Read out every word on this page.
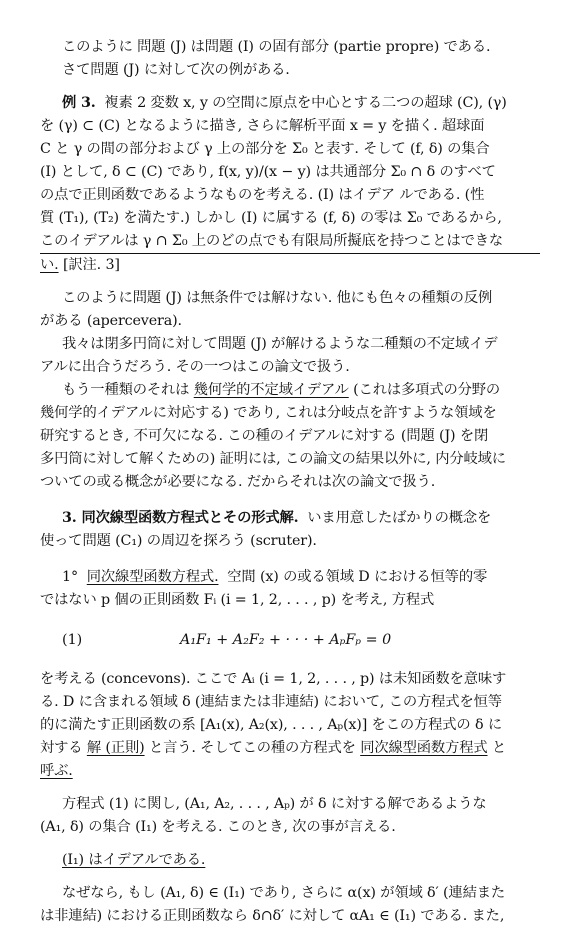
このように 問題 (J) は問題 (I) の固有部分 (partie propre) である.
さて問題 (J) に対して次の例がある.
例 3. 複素 2 変数 x, y の空間に原点を中心とする二つの超球 (C), (γ)
を (γ) ⊂ (C) となるように描き, さらに解析平面 x = y を描く. 超球面
C と γ の間の部分および γ 上の部分を Σ₀ と表す. そして (f, δ) の集合
(I) として, δ ⊂ (C) であり, f(x, y)/(x − y) は共通部分 Σ₀ ∩ δ のすべて
の点で正則函数であるようなものを考える. (I) はイデア ルである. (性
質 (T₁), (T₂) を満たす.) しかし (I) に属する (f, δ) の零は Σ₀ であるから,
このイデアルは γ ∩ Σ₀ 上のどの点でも有限局所擬底を持つことはできな
い. [訳注. 3]
このように問題 (J) は無条件では解けない. 他にも色々の種類の反例
がある (apercevera).
我々は閉多円筒に対して問題 (J) が解けるような二種類の不定域イデ
アルに出合うだろう. その一つはこの論文で扱う.
もう一種類のそれは 幾何学的不定域イデアル (これは多項式の分野の
幾何学的イデアルに対応する) であり, これは分岐点を許すような領域を
研究するとき, 不可欠になる. この種のイデアルに対する (問題 (J) を閉
多円筒に対して解くための) 証明には, この論文の結果以外に, 内分岐域に
ついての或る概念が必要になる. だからそれは次の論文で扱う.
3. 同次線型函数方程式とその形式解. いま用意したばかりの概念を
使って問題 (C₁) の周辺を探ろう (scruter).
1° 同次線型函数方程式. 空間 (x) の或る領域 D における恒等的零
ではない p 個の正則函数 Fᵢ (i = 1, 2, . . . , p) を考え, 方程式
(1)	A₁F₁ + A₂F₂ + · · · + AₚFₚ = 0
を考える (concevons). ここで Aᵢ (i = 1, 2, . . . , p) は未知函数を意味す
る. D に含まれる領域 δ (連結または非連結) において, この方程式を恒等
的に満たす正則函数の系 [A₁(x), A₂(x), . . . , Aₚ(x)] をこの方程式の δ に
対する 解 (正則) と言う. そしてこの種の方程式を 同次線型函数方程式 と
呼ぶ.
方程式 (1) に関し, (A₁, A₂, . . . , Aₚ) が δ に対する解であるような
(A₁, δ) の集合 (I₁) を考える. このとき, 次の事が言える.
(I₁) はイデアルである.
なぜなら, もし (A₁, δ) ∈ (I₁) であり, さらに α(x) が領域 δ′ (連結また
は非連結) における正則函数なら δ∩δ′ に対して αA₁ ∈ (I₁) である. また,
